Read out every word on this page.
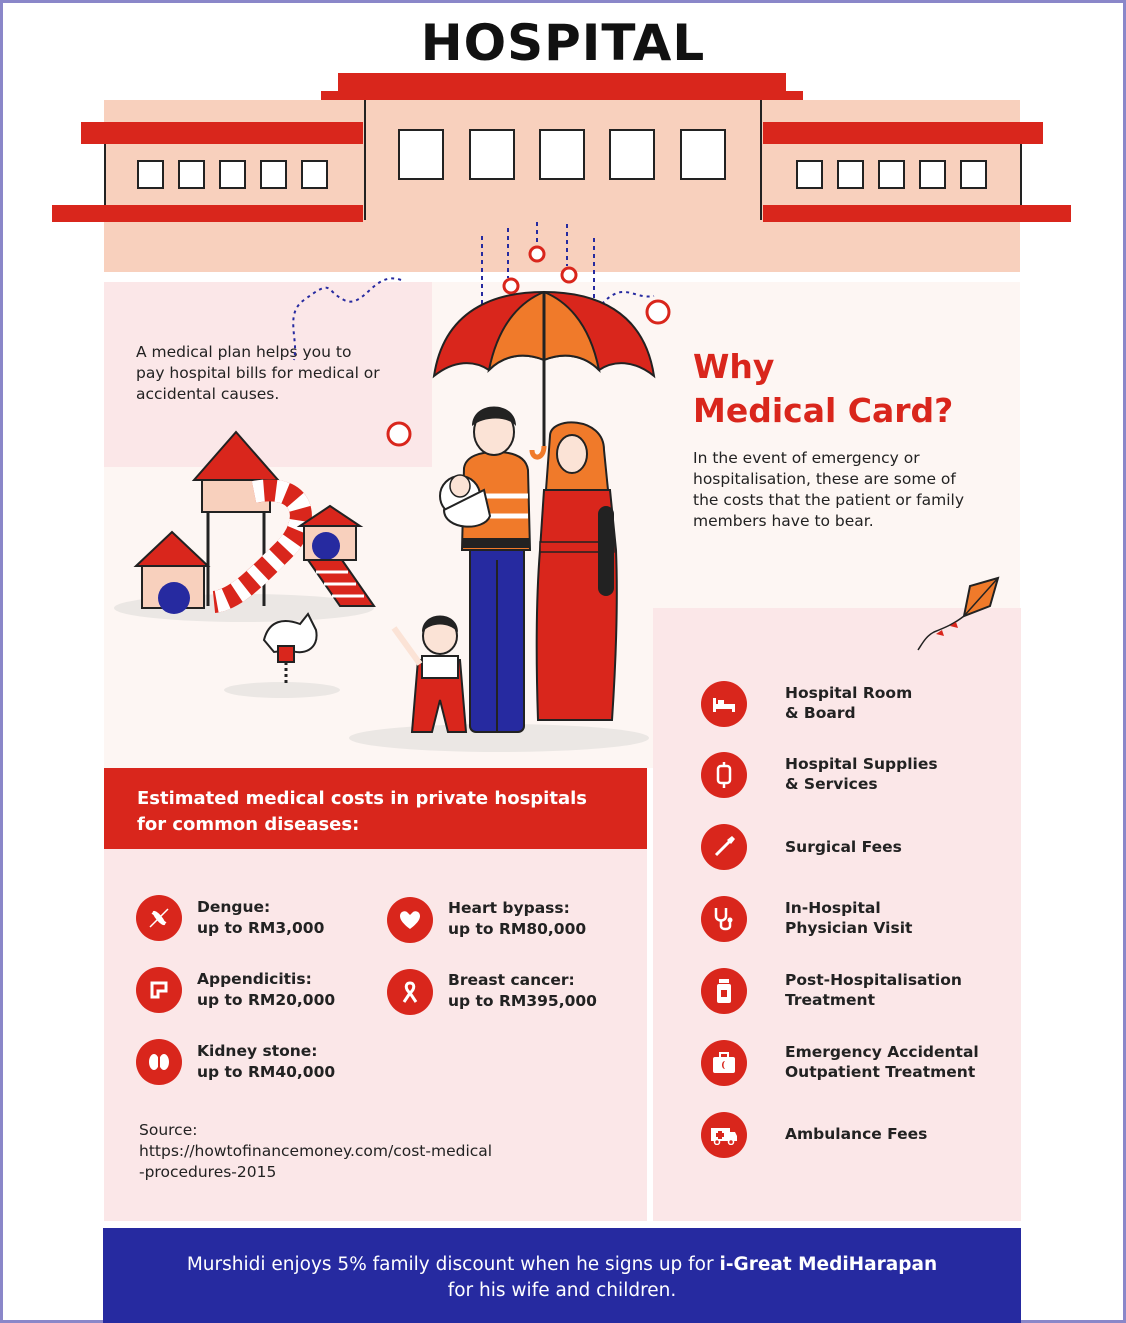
HOSPITAL
A medical plan helps you to pay hospital bills for medical or accidental causes.
Why
Medical Card?
In the event of emergency or hospitalisation, these are some of the costs that the patient or family members have to bear.
Estimated medical costs in private hospitals
for common diseases:
Dengue:
up to RM3,000
Heart bypass:
up to RM80,000
Appendicitis:
up to RM20,000
Breast cancer:
up to RM395,000
Kidney stone:
up to RM40,000
Source:
https://howtofinancemoney.com/cost-medical
-procedures-2015
Hospital Room
& Board
Hospital Supplies
& Services
Surgical Fees
In-Hospital
Physician Visit
Post-Hospitalisation
Treatment
Emergency Accidental
Outpatient Treatment
Ambulance Fees
Murshidi enjoys 5% family discount when he signs up for i-Great MediHarapan
for his wife and children.
